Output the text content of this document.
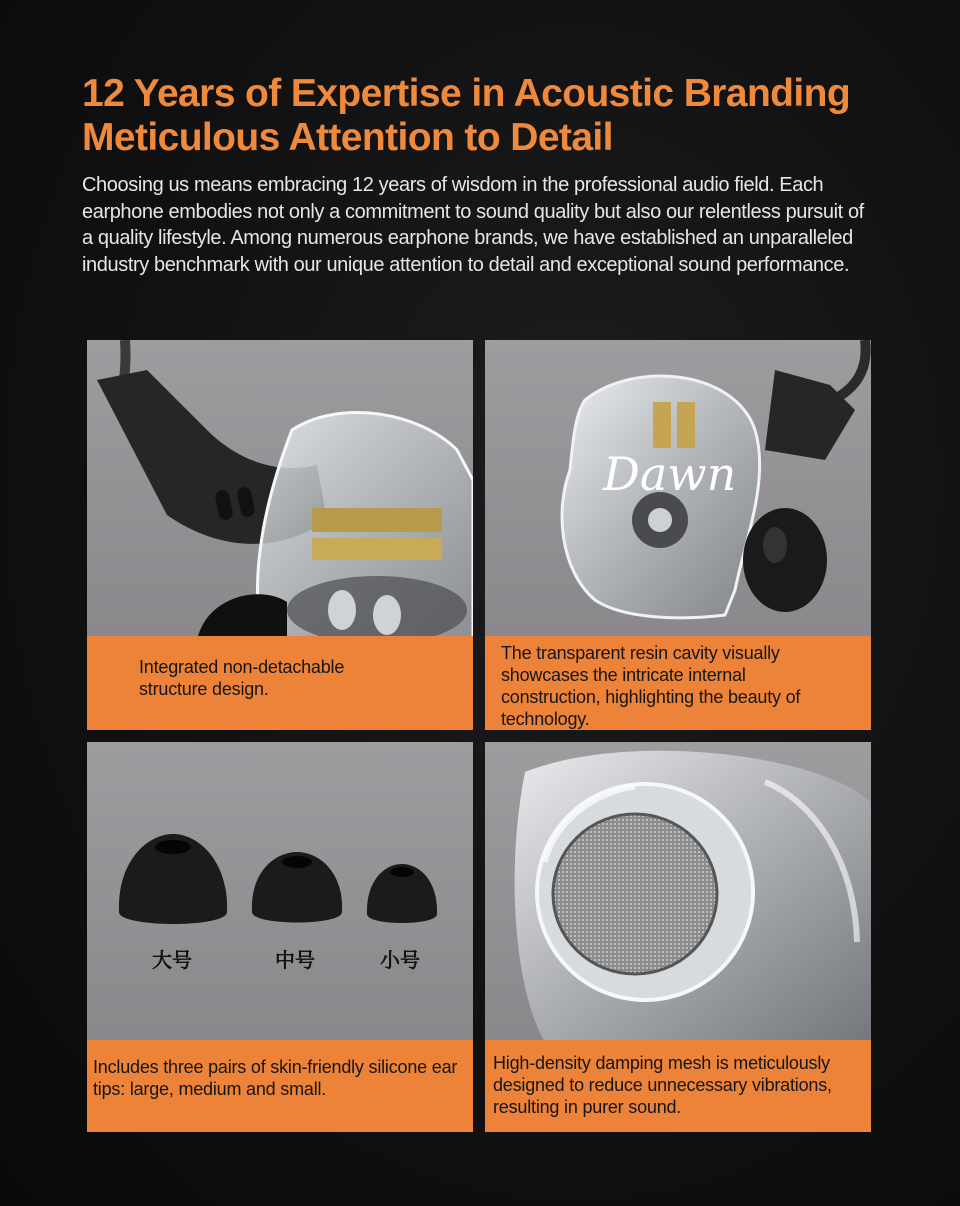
12 Years of Expertise in Acoustic Branding
Meticulous Attention to Detail
Choosing us means embracing 12 years of wisdom in the professional audio field. Each earphone embodies not only a commitment to sound quality but also our relentless pursuit of a quality lifestyle. Among numerous earphone brands, we have established an unparalleled industry benchmark with our unique attention to detail and exceptional sound performance.
Integrated non-detachable structure design.
Dawn
The transparent resin cavity visually showcases the intricate internal construction, highlighting the beauty of technology.
Includes three pairs of skin-friendly silicone ear tips: large, medium and small.
大号	中号	小号
High-density damping mesh is meticulously designed to reduce unnecessary vibrations, resulting in purer sound.
